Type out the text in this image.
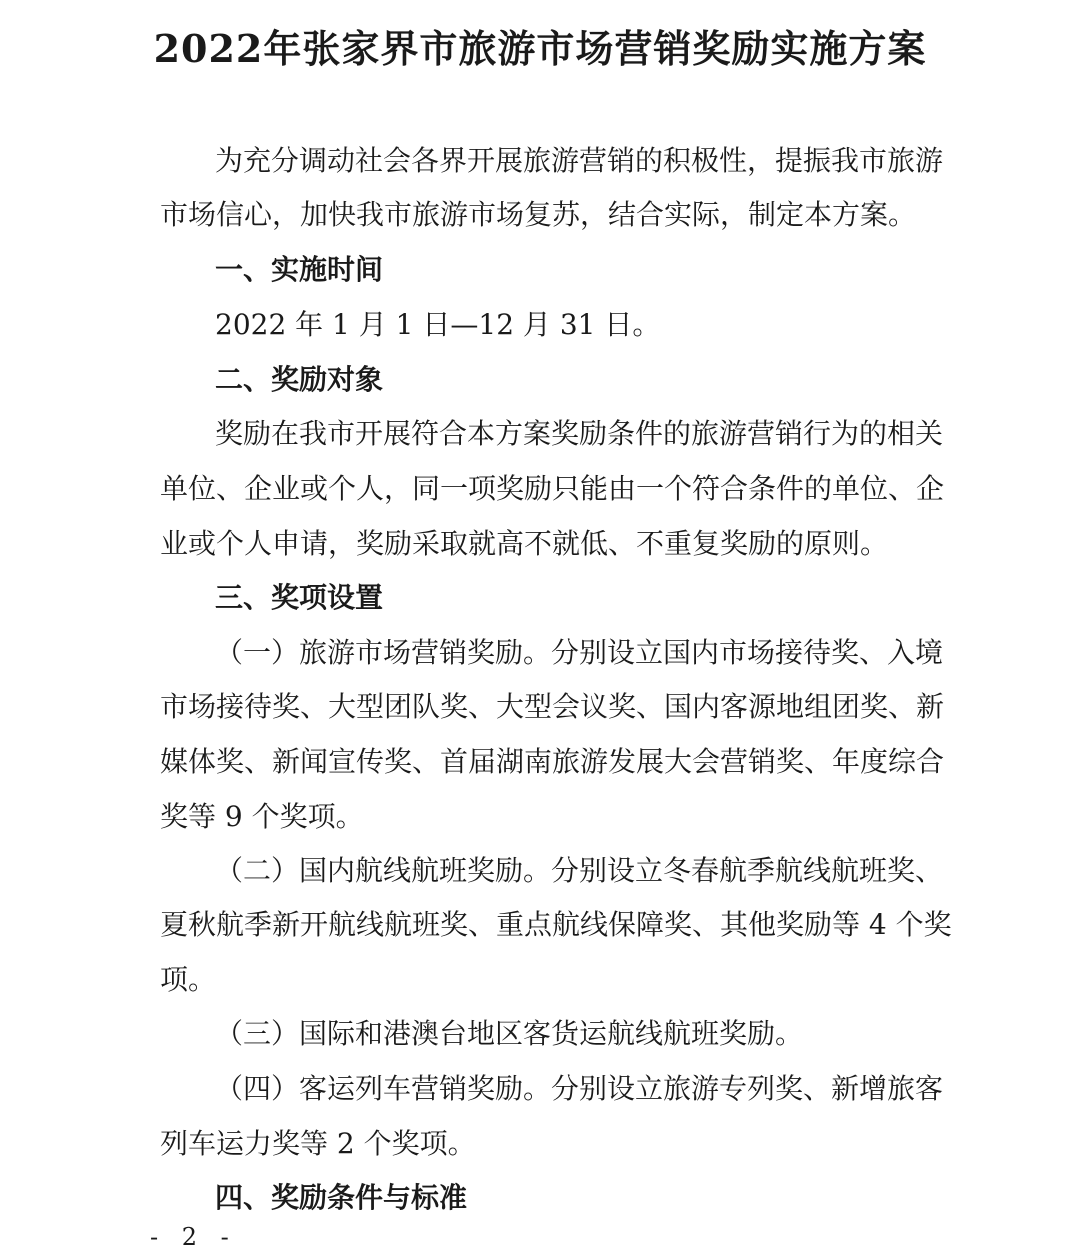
2022年张家界市旅游市场营销奖励实施方案

为充分调动社会各界开展旅游营销的积极性，提振我市旅游

市场信心，加快我市旅游市场复苏，结合实际，制定本方案。

一、实施时间

2022 年 1 月 1 日—12 月 31 日。

二、奖励对象

奖励在我市开展符合本方案奖励条件的旅游营销行为的相关

单位、企业或个人，同一项奖励只能由一个符合条件的单位、企

业或个人申请，奖励采取就高不就低、不重复奖励的原则。

三、奖项设置

（一）旅游市场营销奖励。分别设立国内市场接待奖、入境

市场接待奖、大型团队奖、大型会议奖、国内客源地组团奖、新

媒体奖、新闻宣传奖、首届湖南旅游发展大会营销奖、年度综合

奖等 9 个奖项。

（二）国内航线航班奖励。分别设立冬春航季航线航班奖、

夏秋航季新开航线航班奖、重点航线保障奖、其他奖励等 4 个奖

项。

（三）国际和港澳台地区客货运航线航班奖励。

（四）客运列车营销奖励。分别设立旅游专列奖、新增旅客

列车运力奖等 2 个奖项。

四、奖励条件与标准

- 2 -
